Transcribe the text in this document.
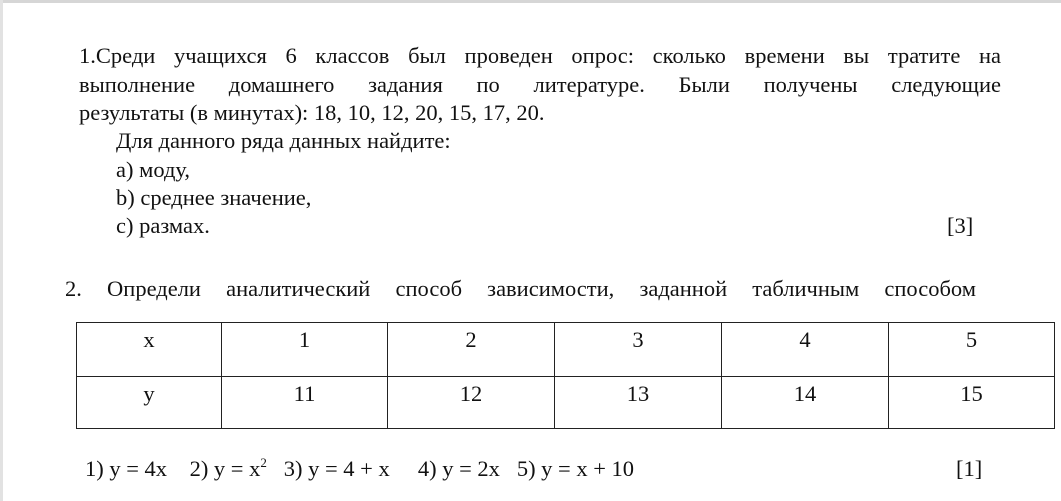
1.Среди учащихся 6 классов был проведен опрос: сколько времени вы тратите на
выполнение домашнего задания по литературе. Были получены следующие
результаты (в минутах): 18, 10, 12, 20, 15, 17, 20.
Для данного ряда данных найдите:
a) моду,
b) среднее значение,
c) размах.	[3]
2. Определи аналитический способ зависимости, заданной табличным способом
x	1	2	3	4	5
y	11	12	13	14	15
1) y = 4x 2) $y = x^2$ 3) y = 4 + x 4) y = 2x 5) y = x + 10	[1]
